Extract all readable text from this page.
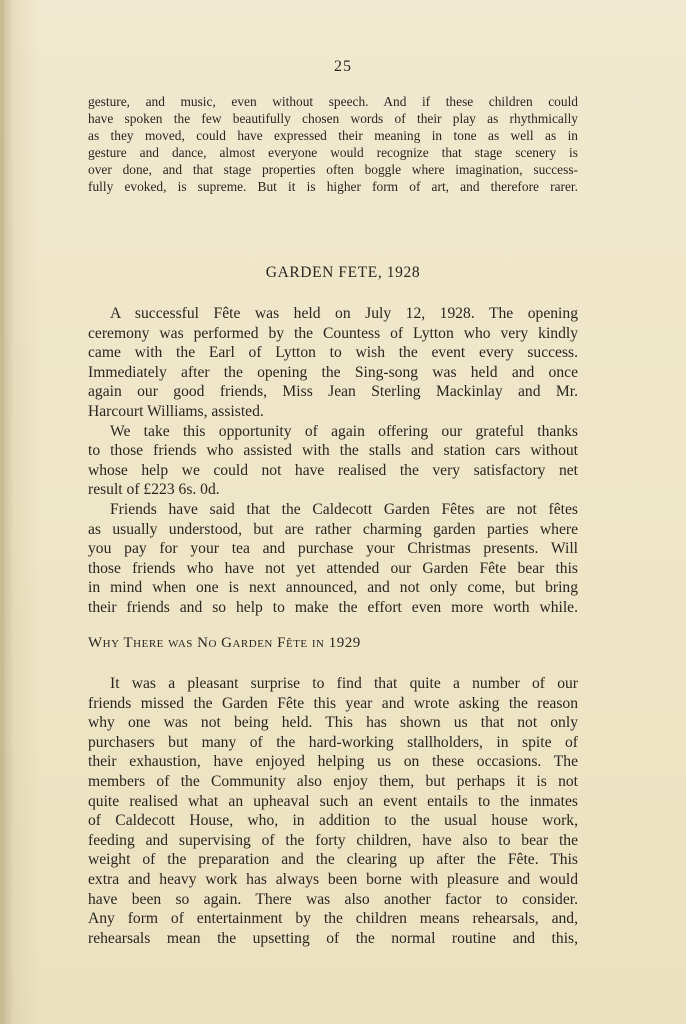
25
gesture, and music, even without speech. And if these children could
have spoken the few beautifully chosen words of their play as rhythmically
as they moved, could have expressed their meaning in tone as well as in
gesture and dance, almost everyone would recognize that stage scenery is
over done, and that stage properties often boggle where imagination, success-
fully evoked, is supreme. But it is higher form of art, and therefore rarer.
GARDEN FETE, 1928
A successful Fête was held on July 12, 1928. The opening
ceremony was performed by the Countess of Lytton who very kindly
came with the Earl of Lytton to wish the event every success.
Immediately after the opening the Sing-song was held and once
again our good friends, Miss Jean Sterling Mackinlay and Mr.
Harcourt Williams, assisted.
We take this opportunity of again offering our grateful thanks
to those friends who assisted with the stalls and station cars without
whose help we could not have realised the very satisfactory net
result of £223 6s. 0d.
Friends have said that the Caldecott Garden Fêtes are not fêtes
as usually understood, but are rather charming garden parties where
you pay for your tea and purchase your Christmas presents. Will
those friends who have not yet attended our Garden Fête bear this
in mind when one is next announced, and not only come, but bring
their friends and so help to make the effort even more worth while.
Why There was No Garden Fête in 1929
It was a pleasant surprise to find that quite a number of our
friends missed the Garden Fête this year and wrote asking the reason
why one was not being held. This has shown us that not only
purchasers but many of the hard-working stallholders, in spite of
their exhaustion, have enjoyed helping us on these occasions. The
members of the Community also enjoy them, but perhaps it is not
quite realised what an upheaval such an event entails to the inmates
of Caldecott House, who, in addition to the usual house work,
feeding and supervising of the forty children, have also to bear the
weight of the preparation and the clearing up after the Fête. This
extra and heavy work has always been borne with pleasure and would
have been so again. There was also another factor to consider.
Any form of entertainment by the children means rehearsals, and,
rehearsals mean the upsetting of the normal routine and this,
